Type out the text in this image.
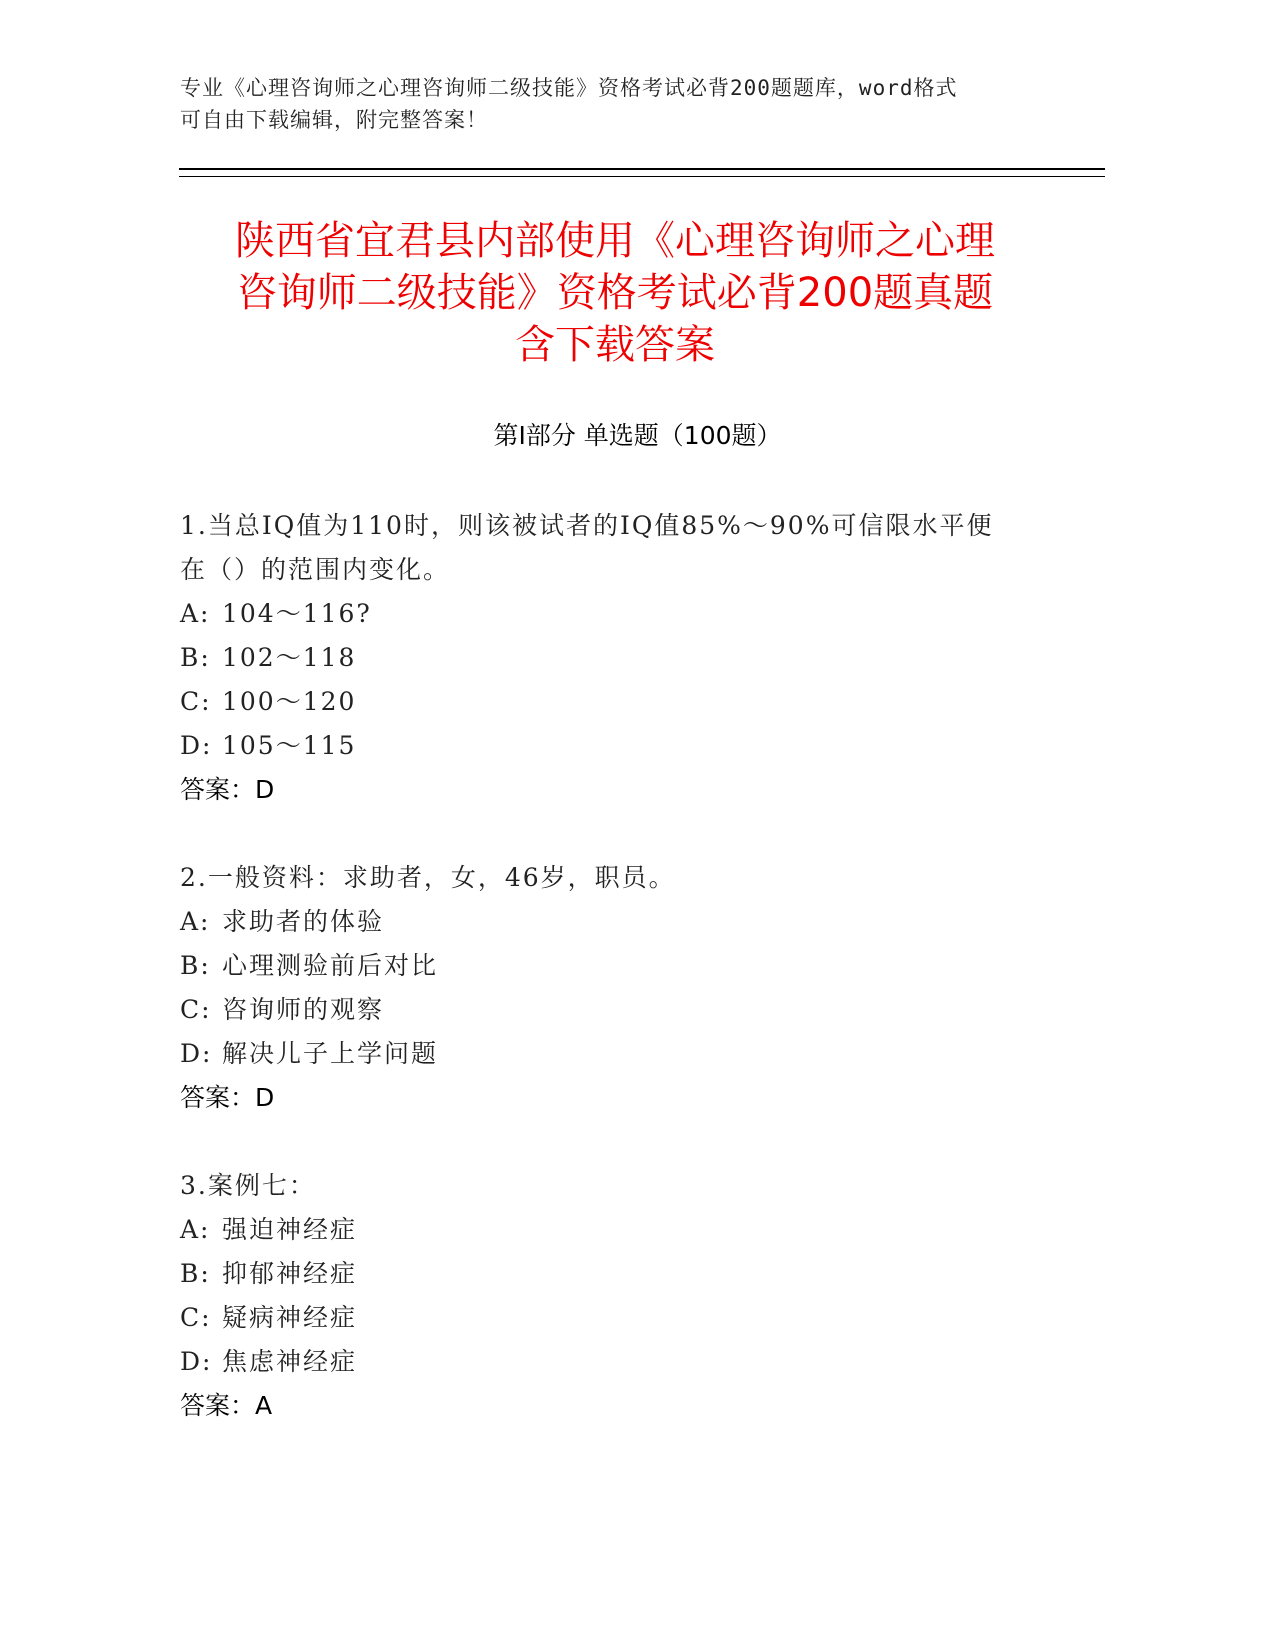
专业《心理咨询师之心理咨询师二级技能》资格考试必背200题题库，word格式
可自由下载编辑，附完整答案！
陕西省宜君县内部使用《心理咨询师之心理
咨询师二级技能》资格考试必背200题真题
含下载答案
第I部分 单选题（100题）
1.当总IQ值为110时，则该被试者的IQ值85%～90%可信限水平便
在（）的范围内变化。
A: 104～116?
B: 102～118
C: 100～120
D: 105～115
答案：D
2.一般资料：求助者，女，46岁，职员。
A: 求助者的体验
B: 心理测验前后对比
C: 咨询师的观察
D: 解决儿子上学问题
答案：D
3.案例七：
A: 强迫神经症
B: 抑郁神经症
C: 疑病神经症
D: 焦虑神经症
答案：A
